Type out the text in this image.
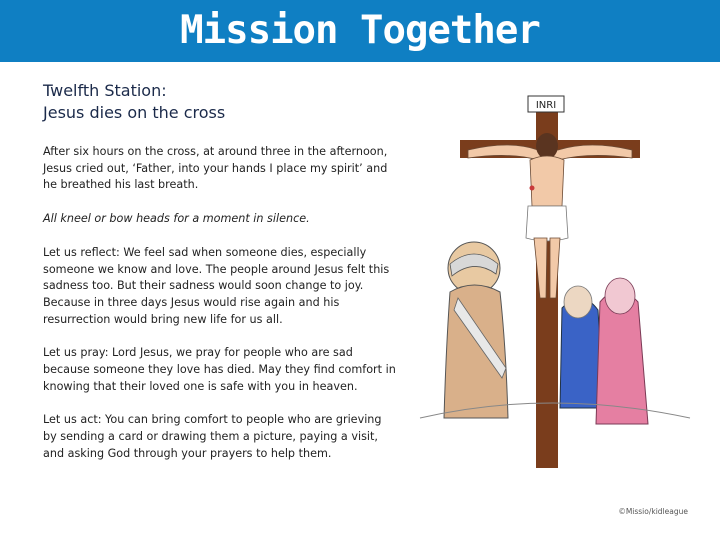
Mission Together
Twelfth Station:
Jesus dies on the cross

After six hours on the cross, at around three in the afternoon, Jesus cried out, ‘Father, into your hands I place my spirit’ and he breathed his last breath.

All kneel or bow heads for a moment in silence.

Let us reflect: We feel sad when someone dies, especially someone we know and love. The people around Jesus felt this sadness too. But their sadness would soon change to joy. Because in three days Jesus would rise again and his resurrection would bring new life for us all.

Let us pray: Lord Jesus, we pray for people who are sad because someone they love has died. May they find comfort in knowing that their loved one is safe with you in heaven.

Let us act: You can bring comfort to people who are grieving by sending a card or drawing them a picture, paying a visit, and asking God through your prayers to help them.

INRI
©Missio/kidleague
